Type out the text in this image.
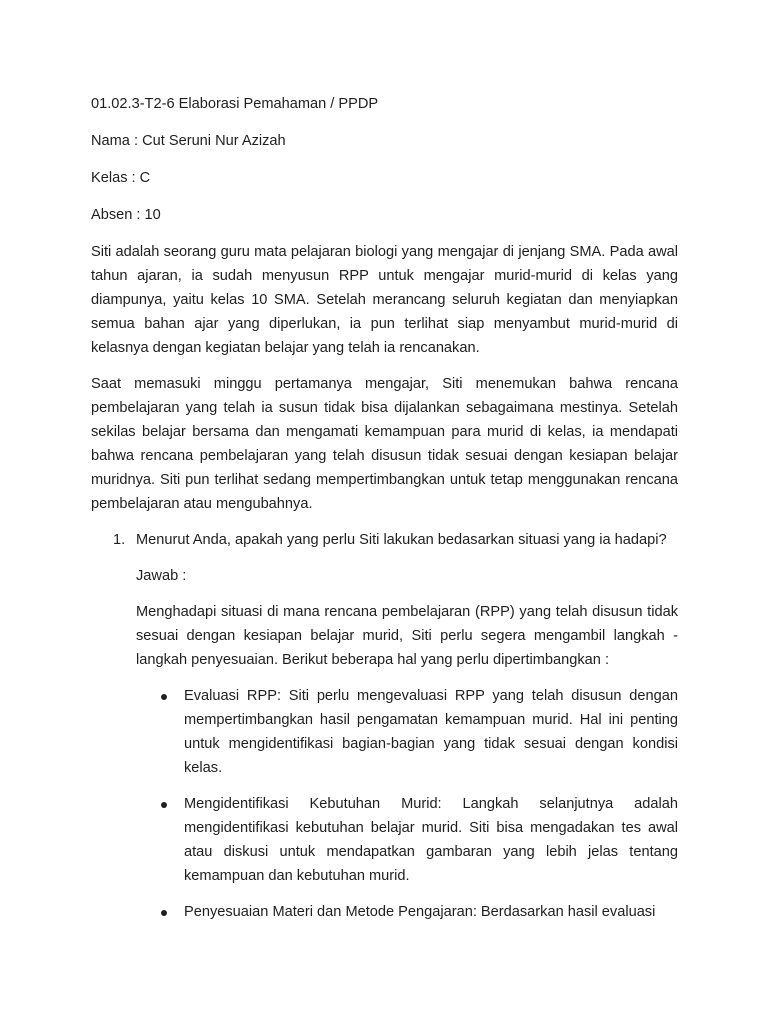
01.02.3-T2-6 Elaborasi Pemahaman / PPDP

Nama : Cut Seruni Nur Azizah

Kelas : C

Absen : 10

Siti adalah seorang guru mata pelajaran biologi yang mengajar di jenjang SMA. Pada awal tahun ajaran, ia sudah menyusun RPP untuk mengajar murid-murid di kelas yang diampunya, yaitu kelas 10 SMA. Setelah merancang seluruh kegiatan dan menyiapkan semua bahan ajar yang diperlukan, ia pun terlihat siap menyambut murid-murid di kelasnya dengan kegiatan belajar yang telah ia rencanakan.

Saat memasuki minggu pertamanya mengajar, Siti menemukan bahwa rencana pembelajaran yang telah ia susun tidak bisa dijalankan sebagaimana mestinya. Setelah sekilas belajar bersama dan mengamati kemampuan para murid di kelas, ia mendapati bahwa rencana pembelajaran yang telah disusun tidak sesuai dengan kesiapan belajar muridnya. Siti pun terlihat sedang mempertimbangkan untuk tetap menggunakan rencana pembelajaran atau mengubahnya.

1. Menurut Anda, apakah yang perlu Siti lakukan bedasarkan situasi yang ia hadapi?
Jawab :
Menghadapi situasi di mana rencana pembelajaran (RPP) yang telah disusun tidak sesuai dengan kesiapan belajar murid, Siti perlu segera mengambil langkah -langkah penyesuaian. Berikut beberapa hal yang perlu dipertimbangkan :
Evaluasi RPP: Siti perlu mengevaluasi RPP yang telah disusun dengan mempertimbangkan hasil pengamatan kemampuan murid. Hal ini penting untuk mengidentifikasi bagian-bagian yang tidak sesuai dengan kondisi kelas.
Mengidentifikasi Kebutuhan Murid: Langkah selanjutnya adalah mengidentifikasi kebutuhan belajar murid. Siti bisa mengadakan tes awal atau diskusi untuk mendapatkan gambaran yang lebih jelas tentang kemampuan dan kebutuhan murid.
Penyesuaian Materi dan Metode Pengajaran: Berdasarkan hasil evaluasi
